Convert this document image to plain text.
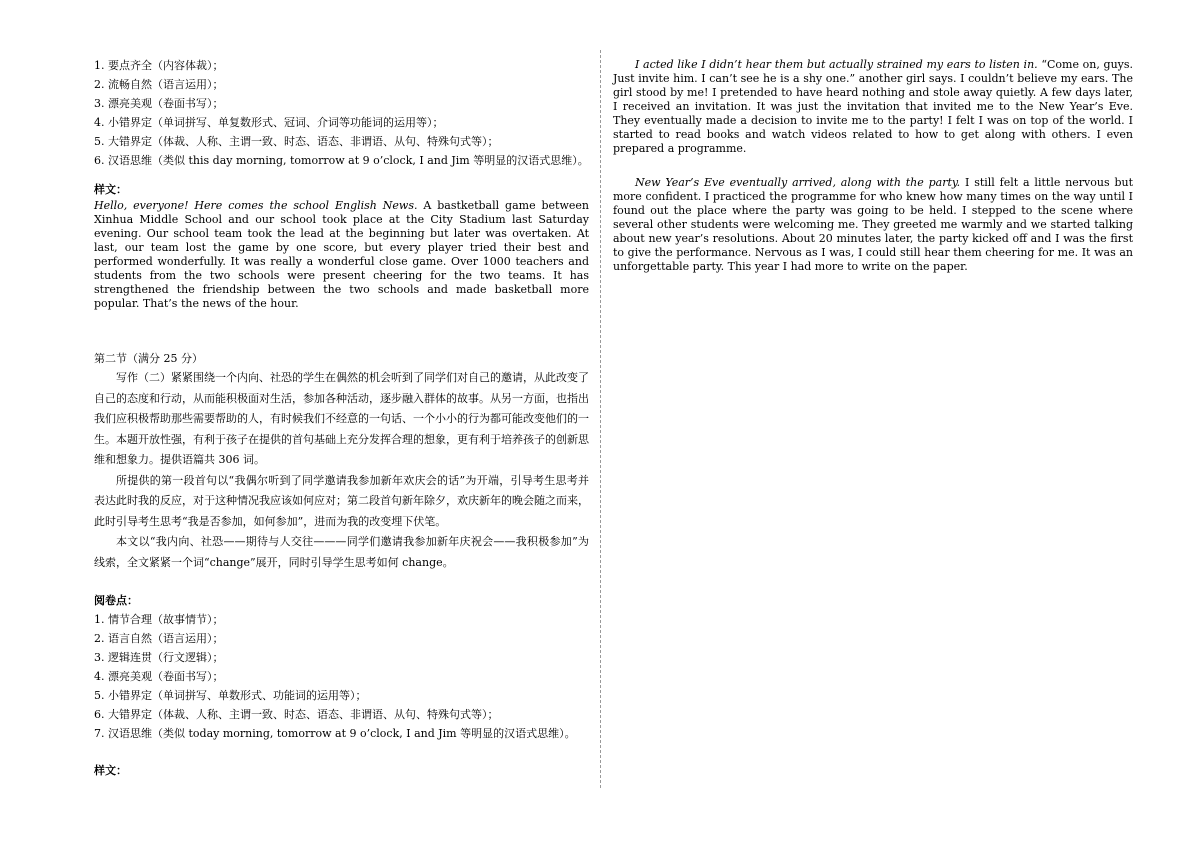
1. 要点齐全（内容体裁）；
2. 流畅自然（语言运用）；
3. 漂亮美观（卷面书写）；
4. 小错界定（单词拼写、单复数形式、冠词、介词等功能词的运用等）；
5. 大错界定（体裁、人称、主谓一致、时态、语态、非谓语、从句、特殊句式等）；
6. 汉语思维（类似 this day morning, tomorrow at 9 o’clock, I and Jim 等明显的汉语式思维）。
样文：

Hello, everyone! Here comes the school English News. A bastketball game between Xinhua Middle School and our school took place at the City Stadium last Saturday evening. Our school team took the lead at the beginning but later was overtaken. At last, our team lost the game by one score, but every player tried their best and performed wonderfully. It was really a wonderful close game. Over 1000 teachers and students from the two schools were present cheering for the two teams. It has strengthened the friendship between the two schools and made basketball more popular. That’s the news of the hour.

第二节（满分 25 分）

写作（二）紧紧围绕一个内向、社恐的学生在偶然的机会听到了同学们对自己的邀请，从此改变了自己的态度和行动，从而能积极面对生活，参加各种活动，逐步融入群体的故事。从另一方面，也指出我们应积极帮助那些需要帮助的人，有时候我们不经意的一句话、一个小小的行为都可能改变他们的一生。本题开放性强，有利于孩子在提供的首句基础上充分发挥合理的想象，更有利于培养孩子的创新思维和想象力。提供语篇共 306 词。

所提供的第一段首句以“我偶尔听到了同学邀请我参加新年欢庆会的话”为开端，引导考生思考并表达此时我的反应，对于这种情况我应该如何应对；第二段首句新年除夕，欢庆新年的晚会随之而来，此时引导考生思考“我是否参加，如何参加”，进而为我的改变埋下伏笔。

本文以“我内向、社恐——期待与人交往———同学们邀请我参加新年庆祝会——我积极参加”为线索，全文紧紧一个词“change”展开，同时引导学生思考如何 change。

阅卷点：
1. 情节合理（故事情节）；
2. 语言自然（语言运用）；
3. 逻辑连贯（行文逻辑）；
4. 漂亮美观（卷面书写）；
5. 小错界定（单词拼写、单数形式、功能词的运用等）；
6. 大错界定（体裁、人称、主谓一致、时态、语态、非谓语、从句、特殊句式等）；
7. 汉语思维（类似 today morning, tomorrow at 9 o’clock, I and Jim 等明显的汉语式思维）。
样文：

I acted like I didn’t hear them but actually strained my ears to listen in. “Come on, guys. Just invite him. I can’t see he is a shy one.” another girl says. I couldn’t believe my ears. The girl stood by me! I pretended to have heard nothing and stole away quietly. A few days later, I received an invitation. It was just the invitation that invited me to the New Year’s Eve. They eventually made a decision to invite me to the party! I felt I was on top of the world. I started to read books and watch videos related to how to get along with others. I even prepared a programme.

New Year’s Eve eventually arrived, along with the party. I still felt a little nervous but more confident. I practiced the programme for who knew how many times on the way until I found out the place where the party was going to be held. I stepped to the scene where several other students were welcoming me. They greeted me warmly and we started talking about new year’s resolutions. About 20 minutes later, the party kicked off and I was the first to give the performance. Nervous as I was, I could still hear them cheering for me. It was an unforgettable party. This year I had more to write on the paper.
